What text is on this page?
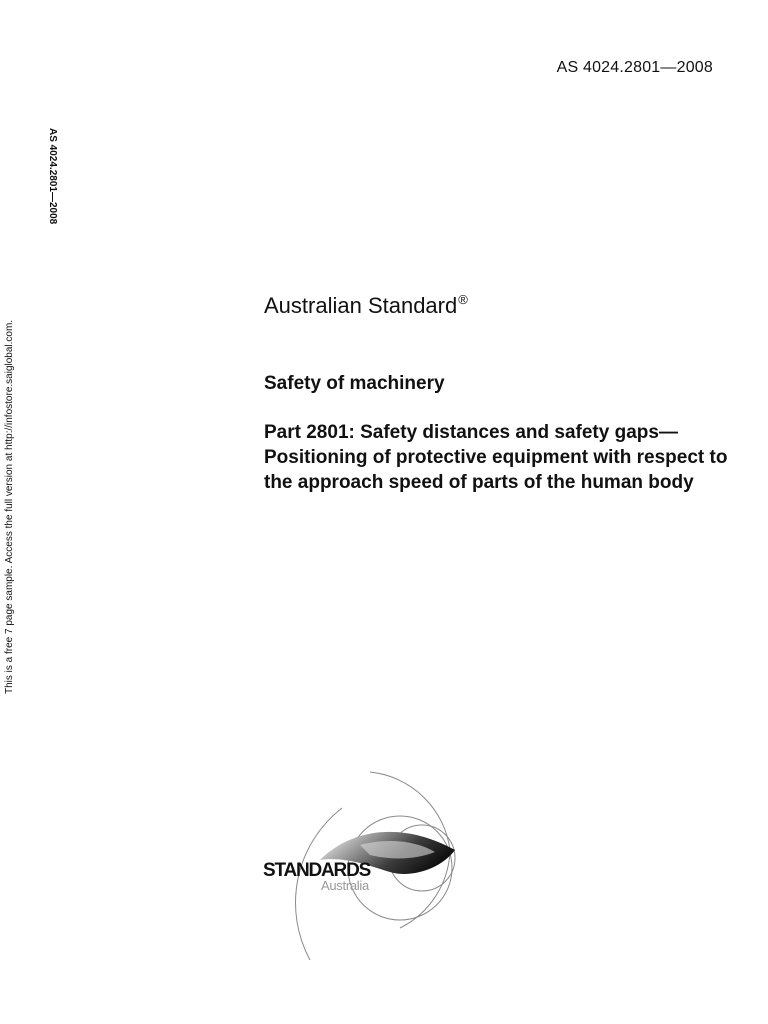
AS 4024.2801—2008
AS 4024.2801—2008
This is a free 7 page sample. Access the full version at http://infostore.saiglobal.com.
Australian Standard®
Safety of machinery
Part 2801: Safety distances and safety gaps—Positioning of protective equipment with respect to the approach speed of parts of the human body
STANDARDS
Australia
